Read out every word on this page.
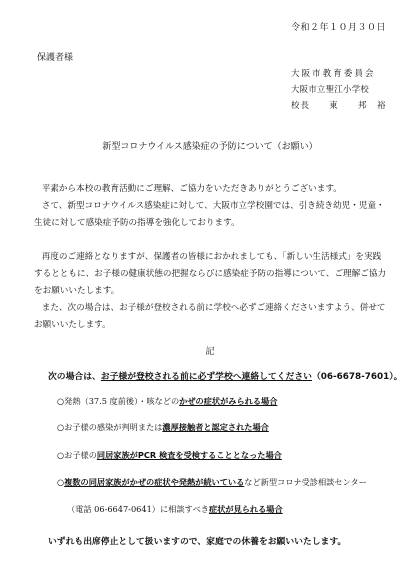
令和２年１０月３０日
保護者様
大阪市教育委員会
大阪市立聖江小学校
校長　　東　　邦　裕
新型コロナウイルス感染症の予防について（お願い）
平素から本校の教育活動にご理解、ご協力をいただきありがとうございます。
さて、新型コロナウイルス感染症に対して、大阪市立学校園では、引き続き幼児・児童・生徒に対して感染症予防の指導を強化しております。
再度のご連絡となりますが、保護者の皆様におかれましても、「新しい生活様式」を実践するとともに、お子様の健康状態の把握ならびに感染症予防の指導について、ご理解ご協力をお願いいたします。
また、次の場合は、お子様が登校される前に学校へ必ずご連絡くださいますよう、併せてお願いいたします。
記
次の場合は、お子様が登校される前に必ず学校へ連絡してください（06-6678-7601）。
○発熱（37.5 度前後）・咳などのかぜの症状がみられる場合
○お子様の感染が判明または濃厚接触者と認定された場合
○お子様の同居家族がPCR 検査を受検することとなった場合
○複数の同居家族がかぜの症状や発熱が続いているなど新型コロナ受診相談センター
（電話 06-6647-0641）に相談すべき症状が見られる場合
いずれも出席停止として扱いますので、家庭での休養をお願いいたします。
